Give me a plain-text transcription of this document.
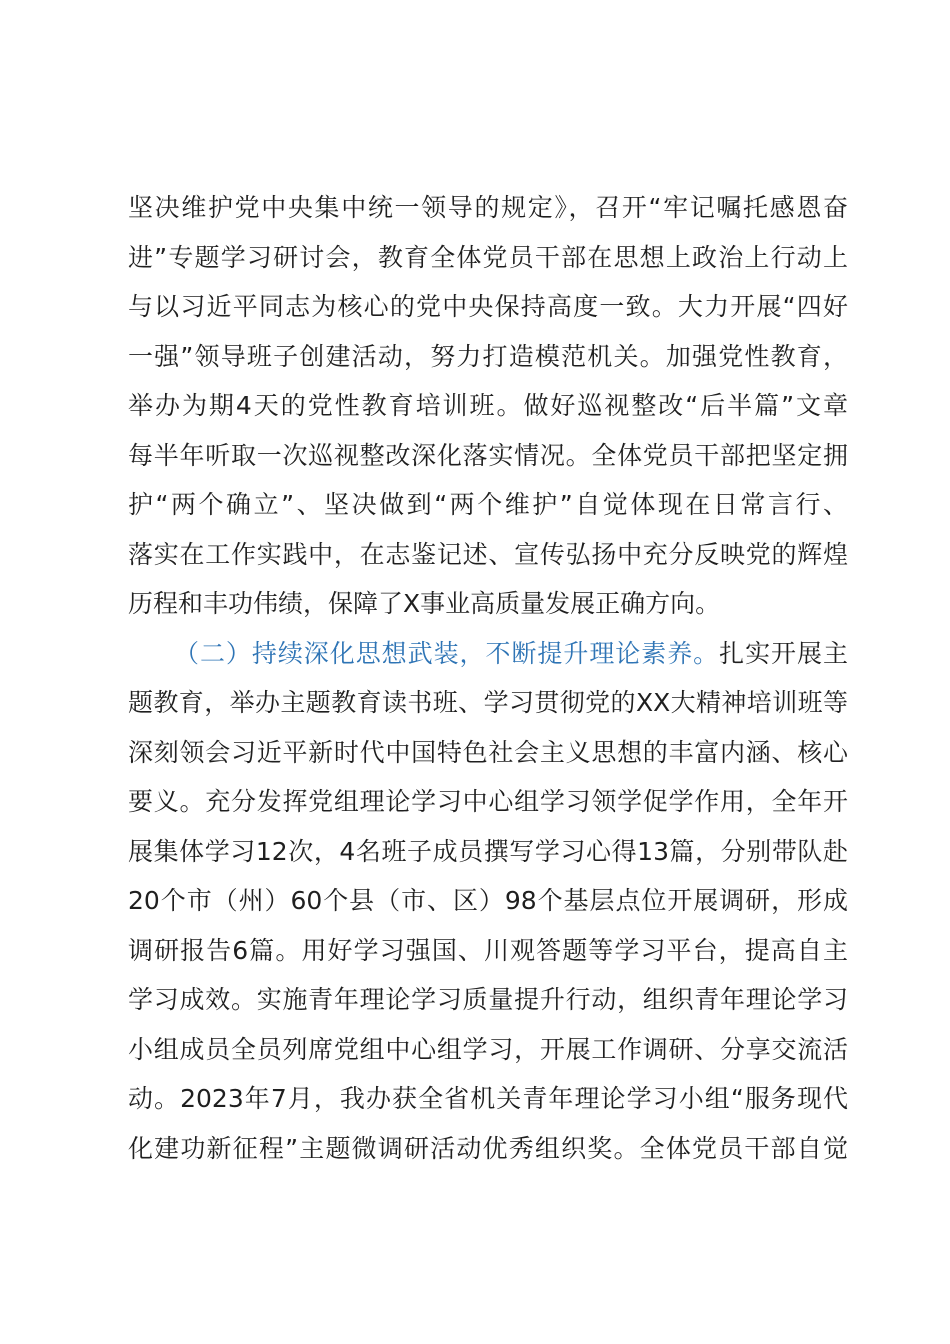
坚决维护党中央集中统一领导的规定》，召开“牢记嘱托感恩奋
进”专题学习研讨会，教育全体党员干部在思想上政治上行动上
与以习近平同志为核心的党中央保持高度一致。大力开展“四好
一强”领导班子创建活动，努力打造模范机关。加强党性教育，
举办为期4天的党性教育培训班。做好巡视整改“后半篇”文章
每半年听取一次巡视整改深化落实情况。全体党员干部把坚定拥
护“两个确立”、坚决做到“两个维护”自觉体现在日常言行、
落实在工作实践中，在志鉴记述、宣传弘扬中充分反映党的辉煌
历程和丰功伟绩，保障了X事业高质量发展正确方向。
（二）持续深化思想武装，不断提升理论素养。扎实开展主
题教育，举办主题教育读书班、学习贯彻党的XX大精神培训班等
深刻领会习近平新时代中国特色社会主义思想的丰富内涵、核心
要义。充分发挥党组理论学习中心组学习领学促学作用，全年开
展集体学习12次，4名班子成员撰写学习心得13篇，分别带队赴
20个市（州）60个县（市、区）98个基层点位开展调研，形成
调研报告6篇。用好学习强国、川观答题等学习平台，提高自主
学习成效。实施青年理论学习质量提升行动，组织青年理论学习
小组成员全员列席党组中心组学习，开展工作调研、分享交流活
动。2023年7月，我办获全省机关青年理论学习小组“服务现代
化建功新征程”主题微调研活动优秀组织奖。全体党员干部自觉
